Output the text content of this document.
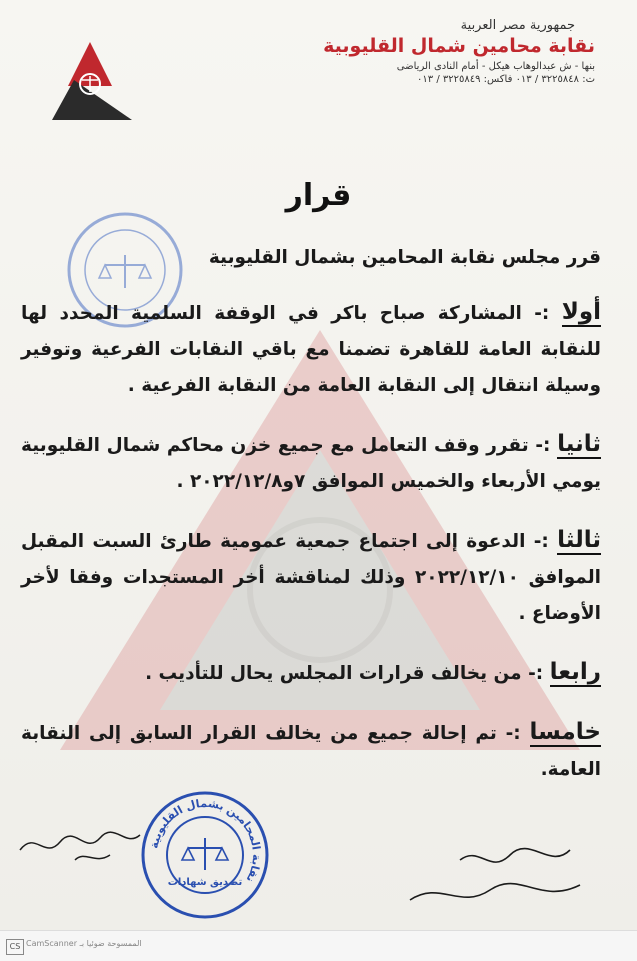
جمهورية مصر العربية
نقابة محامين شمال القليوبية
بنها - ش عبدالوهاب هيكل - أمام النادى الرياضى
ت: ٣٢٢٥٨٤٨ / ٠١٣ فاكس: ٣٢٢٥٨٤٩ / ٠١٣
قرار

قرر مجلس نقابة المحامين بشمال القليوبية

أولا :- المشاركة صباح باكر في الوقفة السلمية المحدد لها للنقابة العامة للقاهرة تضمنا مع باقي النقابات الفرعية وتوفير وسيلة انتقال إلى النقابة العامة من النقابة الفرعية .

ثانيا :- تقرر وقف التعامل مع جميع خزن محاكم شمال القليوبية يومي الأربعاء والخميس الموافق ٧و٢٠٢٢/١٢/٨ .

ثالثا :- الدعوة إلى اجتماع جمعية عمومية طارئ السبت المقبل الموافق ٢٠٢٢/١٢/١٠ وذلك لمناقشة أخر المستجدات وفقا لأخر الأوضاع .

رابعا :- من يخالف قرارات المجلس يحال للتأديب .

خامسا :- تم إحالة جميع من يخالف القرار السابق إلى النقابة العامة.

نقابة المحامين بشمال القليوبية
تصديق شهادات
CS CamScanner الممسوحة ضوئيا بـ
